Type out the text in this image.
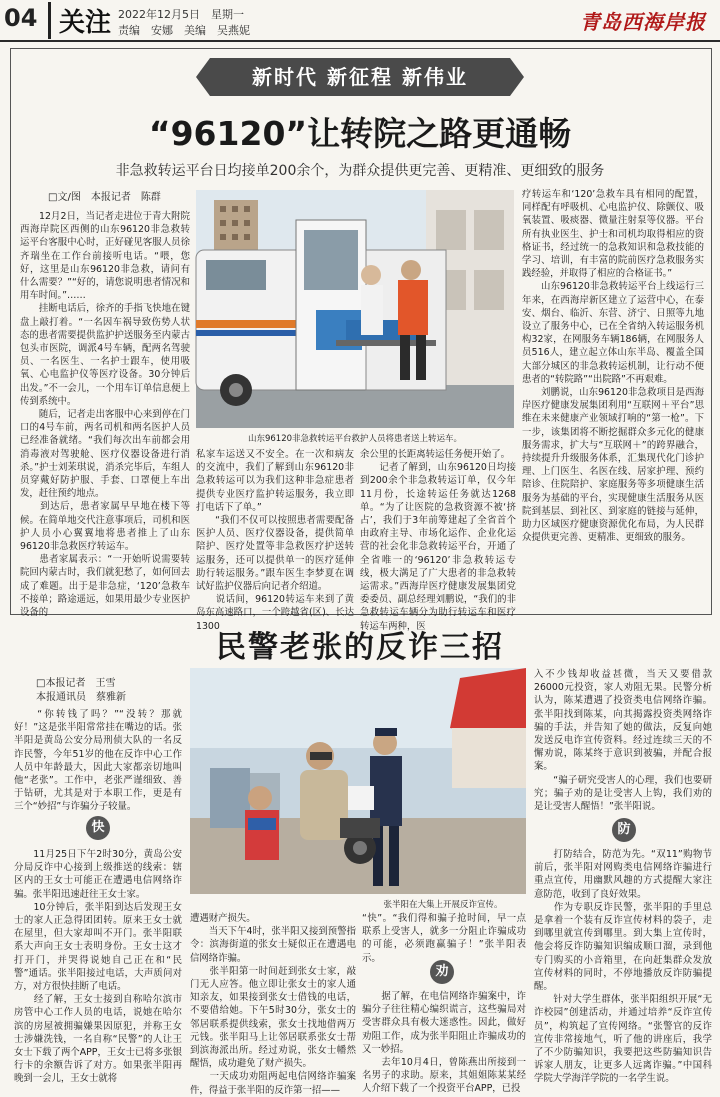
04 关注 2022年12月5日　星期一
责编　安娜　美编　吴燕妮	青岛西海岸报
新时代 新征程 新伟业
“96120”让转院之路更通畅
非急救转运平台日均接单200余个，为群众提供更完善、更精准、更细致的服务
□文/图　本报记者　陈群
　　12月2日，当记者走进位于青大附院西海岸院区西侧的山东96120非急救转运平台客服中心时，正好碰见客服人员徐齐瑞坐在工作台前接听电话。“喂，您好，这里是山东96120非急救，请问有什么需要？”“好的，请您说明患者情况和用车时间。”……
　　挂断电话后，徐齐的手指飞快地在键盘上敲打着。“一名因车祸导致伤势人状态的患者需要提供监护护送服务至内蒙古包头市医院，调派4号车辆，配两名驾驶员、一名医生、一名护士跟车，使用吸氧、心电监护仪等医疗设备。30分钟后出发。”不一会儿，一个用车订单信息便上传到系统中。
　　随后，记者走出客服中心来到停在门口的4号车前，两名司机和两名医护人员已经准备就绪。“我们每次出车前都会用消毒液对驾驶舱、医疗仪器设备进行消杀。”护士刘茉琪说，消杀完毕后，车组人员穿戴好防护服、手套、口罩便上车出发，赶往预约地点。
　　到达后，患者家属早早地在楼下等候。在简单地交代注意事项后，司机和医护人员小心翼翼地将患者推上了山东96120非急救医疗转运车。
　　患者家属表示：“一开始听说需要转院回内蒙古时，我们就犯愁了，如何回去成了难题。出于是非急症，‘120’急救车不接单；路途遥远，如果用最少专业医护设备的
山东96120非急救转运平台救护人员将患者送上转运车。
私家车运送又不安全。在一次和病友的交流中，我们了解到山东96120非急救转运可以为我们这种非急症患者提供专业医疗监护转运服务，我立即打电话下了单。”
　　“我们不仅可以按照患者需要配备医护人员、医疗仪器设备，提供简单陪护、医疗处置等非急救医疗护送转运服务，还可以提供单一的医疗延伸助行转运服务。”跟车医生李梦夏在调试好监护仪器后向记者介绍道。
　　说话间，96120转运车来到了黄岛东高速路口，一个跨越省(区)、长达1300
余公里的长距离转运任务便开始了。
　　记者了解到，山东96120日均接到200余个非急救转运订单，仅今年11月份，长途转运任务就达1268单。“为了让医院的急救资源不被‘挤占’，我们于3年前筹建起了全省首个由政府主导、市场化运作、企业化运营的社会化非急救转运平台，开通了全省唯一的‘96120’非急救转运专线，极大满足了广大患者的非急救转运需求。”西海岸医疗健康发展集团党委委员、副总经理刘鹏说，“我们的非急救转运车辆分为助行转运车和医疗转运车两种，医
疗转运车和‘120’急救车具有相同的配置，同样配有呼吸机、心电监护仪、除颤仪、吸氧装置、吸痰器、微量注射泵等仪器。平台所有执业医生、护士和司机均取得相应的资格证书，经过统一的急救知识和急救技能的学习、培训，有丰富的院前医疗急救服务实践经验，并取得了相应的合格证书。”
　　山东96120非急救转运平台上线运行三年来，在西海岸新区建立了运营中心，在泰安、烟台、临沂、东营、济宁、日照等九地设立了服务中心，已在全省纳入转运服务机构32家，在网服务车辆186辆，在网服务人员516人，建立起立体山东半岛、覆盖全国大部分城区的非急救转运机制，让行动不便患者的“转院路”“出院路”不再艰难。
　　刘鹏说，山东96120非急救项目是西海岸医疗健康发展集团利用“互联网＋平台”思维在未来健康产业领域打响的“第一枪”。下一步，该集团将不断挖掘群众多元化的健康服务需求，扩大与“互联网＋”的跨界融合，持续提升升级服务体系，汇集现代化门诊护理、上门医生、名医在线、居家护理、预约陪诊、住院陪护、家庭服务等多项健康生活服务为基础的平台，实现健康生活服务从医院到基层、到社区、到家庭的链接与延伸，助力区域医疗健康资源优化布局，为人民群众提供更完善、更精准、更细致的服务。
民警老张的反诈三招
□本报记者　王雪
本报通讯员　蔡雅新
　　“你转钱了吗？”“没转？那就好！”这是张半阳常常挂在嘴边的话。张半阳是黄岛公安分局刑侦大队的一名反诈民警，今年51岁的他在反诈中心工作人员中年龄最大，因此大家都亲切地叫他“老张”。工作中，老张严谨细致、善于钻研，尤其是对于本职工作，更是有三个“妙招”与诈骗分子较量。
快
　　11月25日下午2时30分，黄岛公安分局反诈中心接到上级推送的线索：辖区内的王女士可能正在遭遇电信网络诈骗。张半阳迅速赶往王女士家。
　　10分钟后，张半阳到达后发现王女士的家人正急得团团转。原来王女士就在屋里，但大家却叫不开门。张半阳联系大声向王女士表明身份。王女士这才打开门，并哭得说她自己正在和“民警”通话。张半阳接过电话，大声质问对方，对方很快挂断了电话。
　　经了解，王女士接到自称哈尔滨市房管中心工作人员的电话，说她在哈尔滨的房屋被拥骗嫌果因原犯，并称王女士涉嫌洗钱，一名自称“民警”的人让王女士下载了两个APP，王女士已将多张银行卡的余额告诉了对方。如果张半阳再晚到一会儿，王女士就将
张半阳在大集上开展反诈宣传。
遭遇财产损失。
　　当天下午4时，张半阳又接到预警指令：滨海街道的张女士疑似正在遭遇电信网络诈骗。
　　张半阳第一时间赶到张女士家，敲门无人应答。他立即让张女士的家人通知亲友，如果接到张女士借钱的电话，不要借给她。下午5时30分，张女士的邻居联系提供线索，张女士找地借两万元钱。张半阳马上让邻居联系张女士帮到滨海派出所。经过劝说，张女士幡然醒悟，成功避免了财产损失。
　　一天成功劝阻两起电信网络诈骗案件，得益于张半阳的反诈第一招——
“快”。“我们得和骗子抢时间，早一点联系上受害人，就多一分阻止诈骗成功的可能，必须跑赢骗子！”张半阳表示。
劝
　　据了解，在电信网络诈骗案中，诈骗分子往往精心编织谎言，这些骗局对受害群众具有极大迷惑性。因此，做好劝阻工作，成为张半阳阻止诈骗成功的又一妙招。
　　去年10月4日，曾陈燕出所接到一名男子的求助。原来，其姐姐陈某某经人介绍下载了一个投资平台APP，已投
入不少钱却收益甚微，当天又要借款26000元投资，家人劝阻无果。民警分析认为，陈某遭遇了投资类电信网络诈骗。张半阳找到陈某，向其揭露投资类网络诈骗的手法，并告知了她的做法，反复向她发送反电诈宣传资料。经过连续三天的不懈劝说，陈某终于意识到被骗，并配合报案。
　　“骗子研究受害人的心理，我们也要研究；骗子劝的是让受害人上钩，我们劝的是让受害人醒悟！”张半阳说。
防
　　打防结合，防范为先。“双11”购物节前后，张半阳对网购类电信网络诈骗进行重点宣传，用幽默风趣的方式提醒大家注意防范，收到了良好效果。
　　作为专职反诈民警，张半阳的手里总是拿着一个装有反诈宣传材料的袋子，走到哪里就宣传到哪里。到大集上宣传时，他会将反诈防骗知识编成顺口溜，录到他专门购买的小音箱里，在向赶集群众发放宣传材料的同时，不停地播放反诈防骗提醒。
　　针对大学生群体，张半阳组织开展“无诈校园”创建活动，并通过培养“反诈宣传员”，构筑起了宣传网络。“张警官的反诈宣传非常接地气，听了他的讲座后，我学了不少防骗知识，我要把这些防骗知识告诉家人朋友，让更多人远离诈骗。”中国科学院大学海洋学院的一名学生说。
